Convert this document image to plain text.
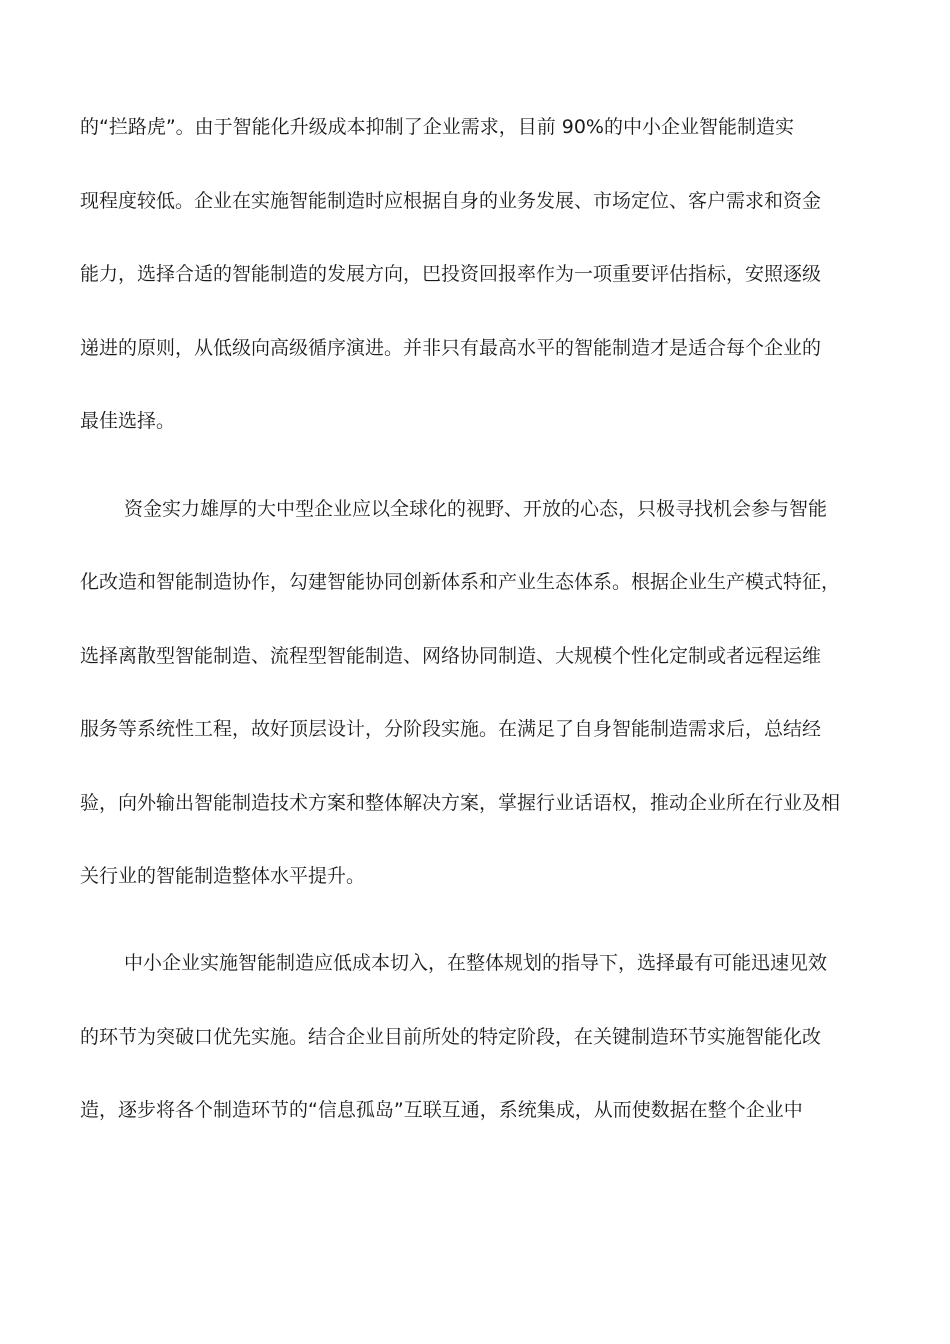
的“拦路虎”。由于智能化升级成本抑制了企业需求，目前 90%的中小企业智能制造实
现程度较低。企业在实施智能制造时应根据自身的业务发展、市场定位、客户需求和资金
能力，选择合适的智能制造的发展方向，巴投资回报率作为一项重要评估指标，安照逐级
递进的原则，从低级向高级循序演进。并非只有最高水平的智能制造才是适合每个企业的
最佳选择。
资金实力雄厚的大中型企业应以全球化的视野、开放的心态，只极寻找机会参与智能
化改造和智能制造协作，勾建智能协同创新体系和产业生态体系。根据企业生产模式特征，
选择离散型智能制造、流程型智能制造、网络协同制造、大规模个性化定制或者远程运维
服务等系统性工程，故好顶层设计，分阶段实施。在满足了自身智能制造需求后，总结经
验，向外输出智能制造技术方案和整体解决方案，掌握行业话语权，推动企业所在行业及相
关行业的智能制造整体水平提升。
中小企业实施智能制造应低成本切入，在整体规划的指导下，选择最有可能迅速见效
的环节为突破口优先实施。结合企业目前所处的特定阶段，在关键制造环节实施智能化改
造，逐步将各个制造环节的“信息孤岛”互联互通，系统集成，从而使数据在整个企业中
